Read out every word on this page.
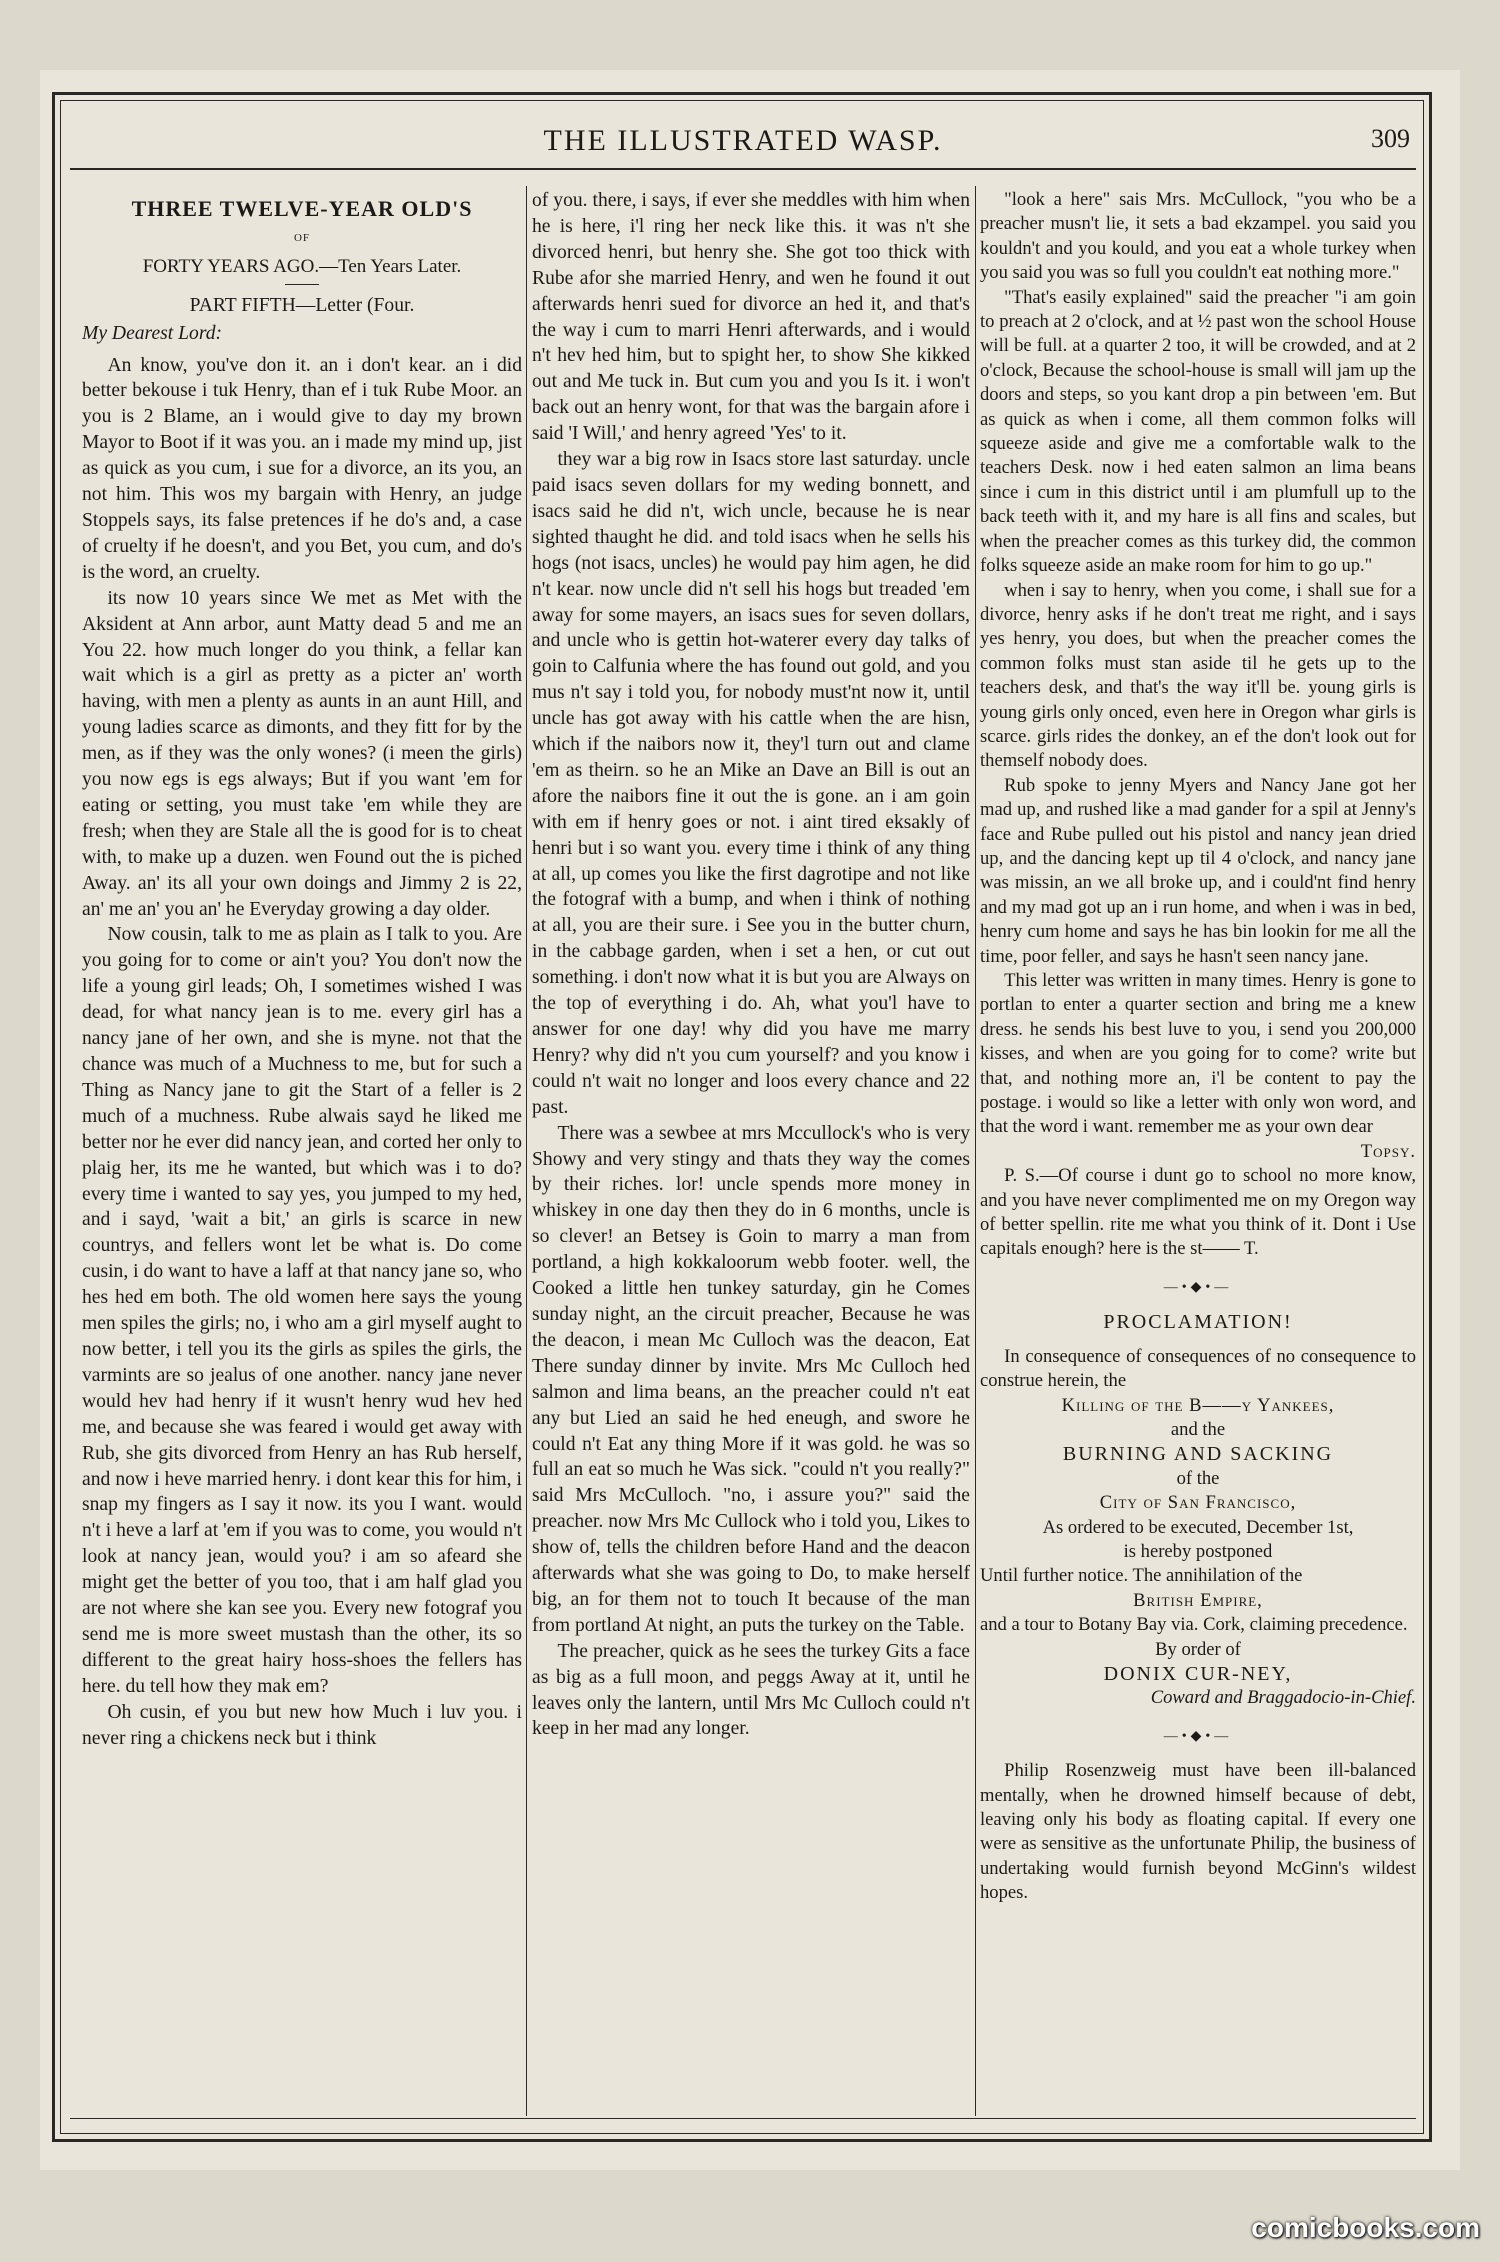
THE ILLUSTRATED WASP.	309
THREE TWELVE-YEAR OLD'S
OF
FORTY YEARS AGO.—Ten Years Later.
PART FIFTH—Letter (Four.
My Dearest Lord:

An know, you've don it. an i don't kear. an i did better bekouse i tuk Henry, than ef i tuk Rube Moor. an you is 2 Blame, an i would give to day my brown Mayor to Boot if it was you. an i made my mind up, jist as quick as you cum, i sue for a divorce, an its you, an not him. This wos my bargain with Henry, an judge Stoppels says, its false pretences if he do's and, a case of cruelty if he doesn't, and you Bet, you cum, and do's is the word, an cruelty.

its now 10 years since We met as Met with the Aksident at Ann arbor, aunt Matty dead 5 and me an You 22. how much longer do you think, a fellar kan wait which is a girl as pretty as a picter an' worth having, with men a plenty as aunts in an aunt Hill, and young ladies scarce as dimonts, and they fitt for by the men, as if they was the only wones? (i meen the girls) you now egs is egs always; But if you want 'em for eating or setting, you must take 'em while they are fresh; when they are Stale all the is good for is to cheat with, to make up a duzen. wen Found out the is piched Away. an' its all your own doings and Jimmy 2 is 22, an' me an' you an' he Everyday growing a day older.

Now cousin, talk to me as plain as I talk to you. Are you going for to come or ain't you? You don't now the life a young girl leads; Oh, I sometimes wished I was dead, for what nancy jean is to me. every girl has a nancy jane of her own, and she is myne. not that the chance was much of a Muchness to me, but for such a Thing as Nancy jane to git the Start of a feller is 2 much of a muchness. Rube alwais sayd he liked me better nor he ever did nancy jean, and corted her only to plaig her, its me he wanted, but which was i to do? every time i wanted to say yes, you jumped to my hed, and i sayd, 'wait a bit,' an girls is scarce in new countrys, and fellers wont let be what is. Do come cusin, i do want to have a laff at that nancy jane so, who hes hed em both. The old women here says the young men spiles the girls; no, i who am a girl myself aught to now better, i tell you its the girls as spiles the girls, the varmints are so jealus of one another. nancy jane never would hev had henry if it wusn't henry wud hev hed me, and because she was feared i would get away with Rub, she gits divorced from Henry an has Rub herself, and now i heve married henry. i dont kear this for him, i snap my fingers as I say it now. its you I want. would n't i heve a larf at 'em if you was to come, you would n't look at nancy jean, would you? i am so afeard she might get the better of you too, that i am half glad you are not where she kan see you. Every new fotograf you send me is more sweet mustash than the other, its so different to the great hairy hoss-shoes the fellers has here. du tell how they mak em?

Oh cusin, ef you but new how Much i luv you. i never ring a chickens neck but i think

of you. there, i says, if ever she meddles with him when he is here, i'l ring her neck like this. it was n't she divorced henri, but henry she. She got too thick with Rube afor she married Henry, and wen he found it out afterwards henri sued for divorce an hed it, and that's the way i cum to marri Henri afterwards, and i would n't hev hed him, but to spight her, to show She kikked out and Me tuck in. But cum you and you Is it. i won't back out an henry wont, for that was the bargain afore i said 'I Will,' and henry agreed 'Yes' to it.

they war a big row in Isacs store last saturday. uncle paid isacs seven dollars for my weding bonnett, and isacs said he did n't, wich uncle, because he is near sighted thaught he did. and told isacs when he sells his hogs (not isacs, uncles) he would pay him agen, he did n't kear. now uncle did n't sell his hogs but treaded 'em away for some mayers, an isacs sues for seven dollars, and uncle who is gettin hot-waterer every day talks of goin to Calfunia where the has found out gold, and you mus n't say i told you, for nobody must'nt now it, until uncle has got away with his cattle when the are hisn, which if the naibors now it, they'l turn out and clame 'em as theirn. so he an Mike an Dave an Bill is out an afore the naibors fine it out the is gone. an i am goin with em if henry goes or not. i aint tired eksakly of henri but i so want you. every time i think of any thing at all, up comes you like the first dagrotipe and not like the fotograf with a bump, and when i think of nothing at all, you are their sure. i See you in the butter churn, in the cabbage garden, when i set a hen, or cut out something. i don't now what it is but you are Always on the top of everything i do. Ah, what you'l have to answer for one day! why did you have me marry Henry? why did n't you cum yourself? and you know i could n't wait no longer and loos every chance and 22 past.

There was a sewbee at mrs Mccullock's who is very Showy and very stingy and thats they way the comes by their riches. lor! uncle spends more money in whiskey in one day then they do in 6 months, uncle is so clever! an Betsey is Goin to marry a man from portland, a high kokkaloorum webb footer. well, the Cooked a little hen tunkey saturday, gin he Comes sunday night, an the circuit preacher, Because he was the deacon, i mean Mc Culloch was the deacon, Eat There sunday dinner by invite. Mrs Mc Culloch hed salmon and lima beans, an the preacher could n't eat any but Lied an said he hed eneugh, and swore he could n't Eat any thing More if it was gold. he was so full an eat so much he Was sick. "could n't you really?" said Mrs McCulloch. "no, i assure you?" said the preacher. now Mrs Mc Cullock who i told you, Likes to show of, tells the children before Hand and the deacon afterwards what she was going to Do, to make herself big, an for them not to touch It because of the man from portland At night, an puts the turkey on the Table.

The preacher, quick as he sees the turkey Gits a face as big as a full moon, and peggs Away at it, until he leaves only the lantern, until Mrs Mc Culloch could n't keep in her mad any longer.

"look a here" sais Mrs. McCullock, "you who be a preacher musn't lie, it sets a bad ekzampel. you said you kouldn't and you kould, and you eat a whole turkey when you said you was so full you couldn't eat nothing more."

"That's easily explained" said the preacher "i am goin to preach at 2 o'clock, and at ½ past won the school House will be full. at a quarter 2 too, it will be crowded, and at 2 o'clock, Because the school-house is small will jam up the doors and steps, so you kant drop a pin between 'em. But as quick as when i come, all them common folks will squeeze aside and give me a comfortable walk to the teachers Desk. now i hed eaten salmon an lima beans since i cum in this district until i am plumfull up to the back teeth with it, and my hare is all fins and scales, but when the preacher comes as this turkey did, the common folks squeeze aside an make room for him to go up."

when i say to henry, when you come, i shall sue for a divorce, henry asks if he don't treat me right, and i says yes henry, you does, but when the preacher comes the common folks must stan aside til he gets up to the teachers desk, and that's the way it'll be. young girls is young girls only onced, even here in Oregon whar girls is scarce. girls rides the donkey, an ef the don't look out for themself nobody does.

Rub spoke to jenny Myers and Nancy Jane got her mad up, and rushed like a mad gander for a spil at Jenny's face and Rube pulled out his pistol and nancy jean dried up, and the dancing kept up til 4 o'clock, and nancy jane was missin, an we all broke up, and i could'nt find henry and my mad got up an i run home, and when i was in bed, henry cum home and says he has bin lookin for me all the time, poor feller, and says he hasn't seen nancy jane.

This letter was written in many times. Henry is gone to portlan to enter a quarter section and bring me a knew dress. he sends his best luve to you, i send you 200,000 kisses, and when are you going for to come? write but that, and nothing more an, i'l be content to pay the postage. i would so like a letter with only won word, and that the word i want. remember me as your own dear

Topsy.

P. S.—Of course i dunt go to school no more know, and you have never complimented me on my Oregon way of better spellin. rite me what you think of it. Dont i Use capitals enough? here is the st—— T.

—•◆•—
PROCLAMATION!

In consequence of consequences of no consequence to construe herein, the

Killing of the B——y Yankees,
and the
BURNING AND SACKING
of the
City of San Francisco,
As ordered to be executed, December 1st,
is hereby postponed

Until further notice. The annihilation of the

British Empire,

and a tour to Botany Bay via. Cork, claiming precedence.

By order of
DONIX CUR-NEY,
Coward and Braggadocio-in-Chief.
—•◆•—

Philip Rosenzweig must have been ill-balanced mentally, when he drowned himself because of debt, leaving only his body as floating capital. If every one were as sensitive as the unfortunate Philip, the business of undertaking would furnish beyond McGinn's wildest hopes.

comicbooks.com
